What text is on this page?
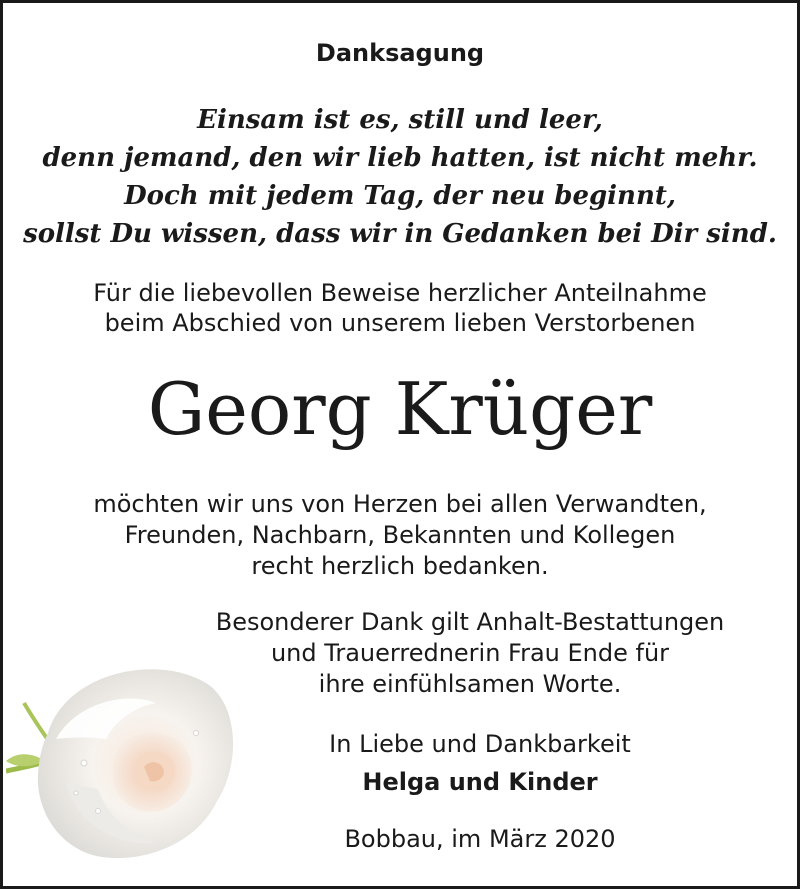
Danksagung
Einsam ist es, still und leer,
denn jemand, den wir lieb hatten, ist nicht mehr.
Doch mit jedem Tag, der neu beginnt,
sollst Du wissen, dass wir in Gedanken bei Dir sind.
Für die liebevollen Beweise herzlicher Anteilnahme
beim Abschied von unserem lieben Verstorbenen
Georg Krüger
möchten wir uns von Herzen bei allen Verwandten,
Freunden, Nachbarn, Bekannten und Kollegen
recht herzlich bedanken.
Besonderer Dank gilt Anhalt-Bestattungen
und Trauerrednerin Frau Ende für
ihre einfühlsamen Worte.
In Liebe und Dankbarkeit
Helga und Kinder
Bobbau, im März 2020
